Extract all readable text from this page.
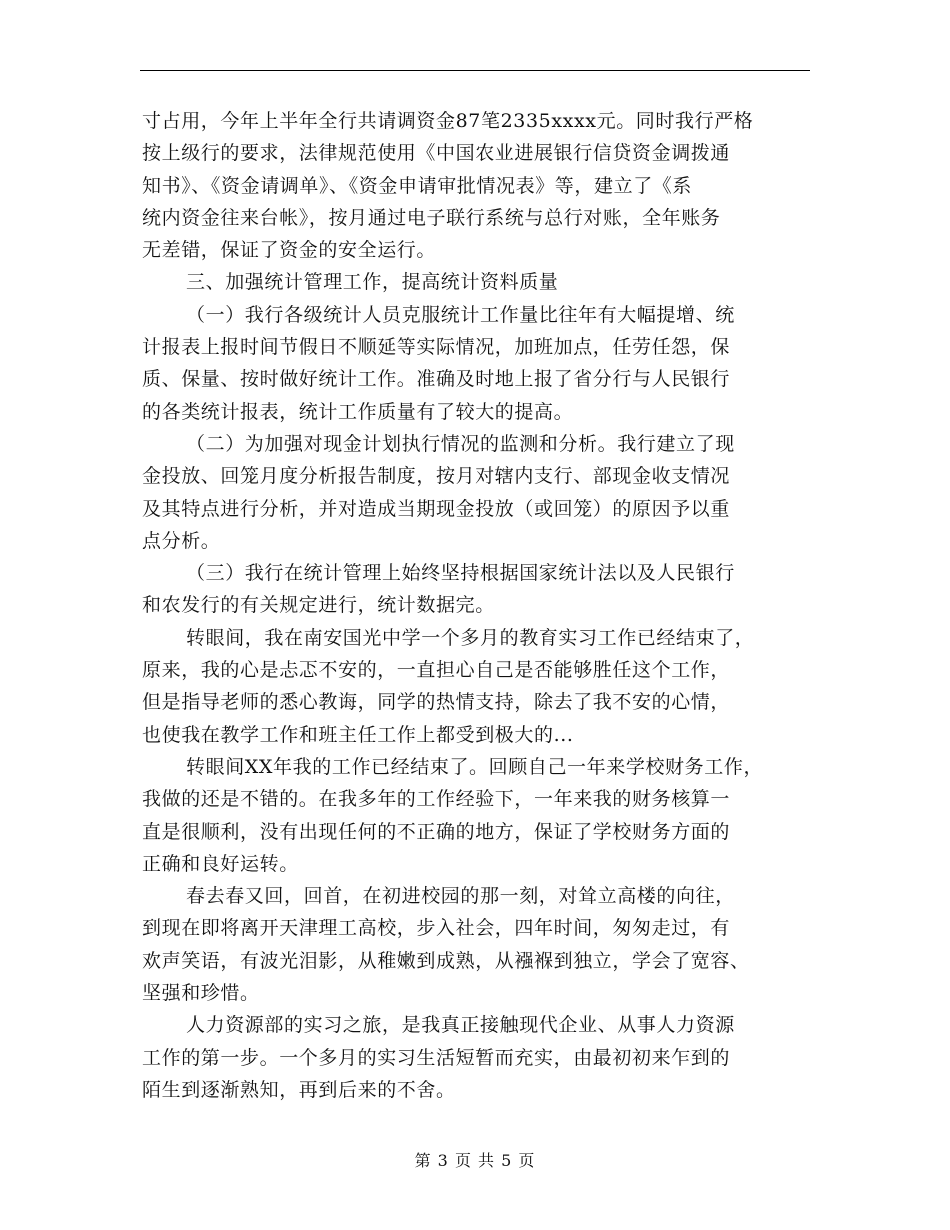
寸占用，今年上半年全行共请调资金87笔2335xxxx元。同时我行严格
按上级行的要求，法律规范使用《中国农业进展银行信贷资金调拨通
知书》、《资金请调单》、《资金申请审批情况表》等，建立了《系
统内资金往来台帐》，按月通过电子联行系统与总行对账，全年账务
无差错，保证了资金的安全运行。
三、加强统计管理工作，提高统计资料质量
（一）我行各级统计人员克服统计工作量比往年有大幅提增、统
计报表上报时间节假日不顺延等实际情况，加班加点，任劳任怨，保
质、保量、按时做好统计工作。准确及时地上报了省分行与人民银行
的各类统计报表，统计工作质量有了较大的提高。
（二）为加强对现金计划执行情况的监测和分析。我行建立了现
金投放、回笼月度分析报告制度，按月对辖内支行、部现金收支情况
及其特点进行分析，并对造成当期现金投放（或回笼）的原因予以重
点分析。
（三）我行在统计管理上始终坚持根据国家统计法以及人民银行
和农发行的有关规定进行，统计数据完。
转眼间，我在南安国光中学一个多月的教育实习工作已经结束了，
原来，我的心是忐忑不安的，一直担心自己是否能够胜任这个工作，
但是指导老师的悉心教诲，同学的热情支持，除去了我不安的心情，
也使我在教学工作和班主任工作上都受到极大的...
转眼间XX年我的工作已经结束了。回顾自己一年来学校财务工作，
我做的还是不错的。在我多年的工作经验下，一年来我的财务核算一
直是很顺利，没有出现任何的不正确的地方，保证了学校财务方面的
正确和良好运转。
春去春又回，回首，在初进校园的那一刻，对耸立高楼的向往，
到现在即将离开天津理工高校，步入社会，四年时间，匆匆走过，有
欢声笑语，有波光泪影，从稚嫩到成熟，从襁褓到独立，学会了宽容、
坚强和珍惜。
人力资源部的实习之旅，是我真正接触现代企业、从事人力资源
工作的第一步。一个多月的实习生活短暂而充实，由最初初来乍到的
陌生到逐渐熟知，再到后来的不舍。
第 3 页 共 5 页
